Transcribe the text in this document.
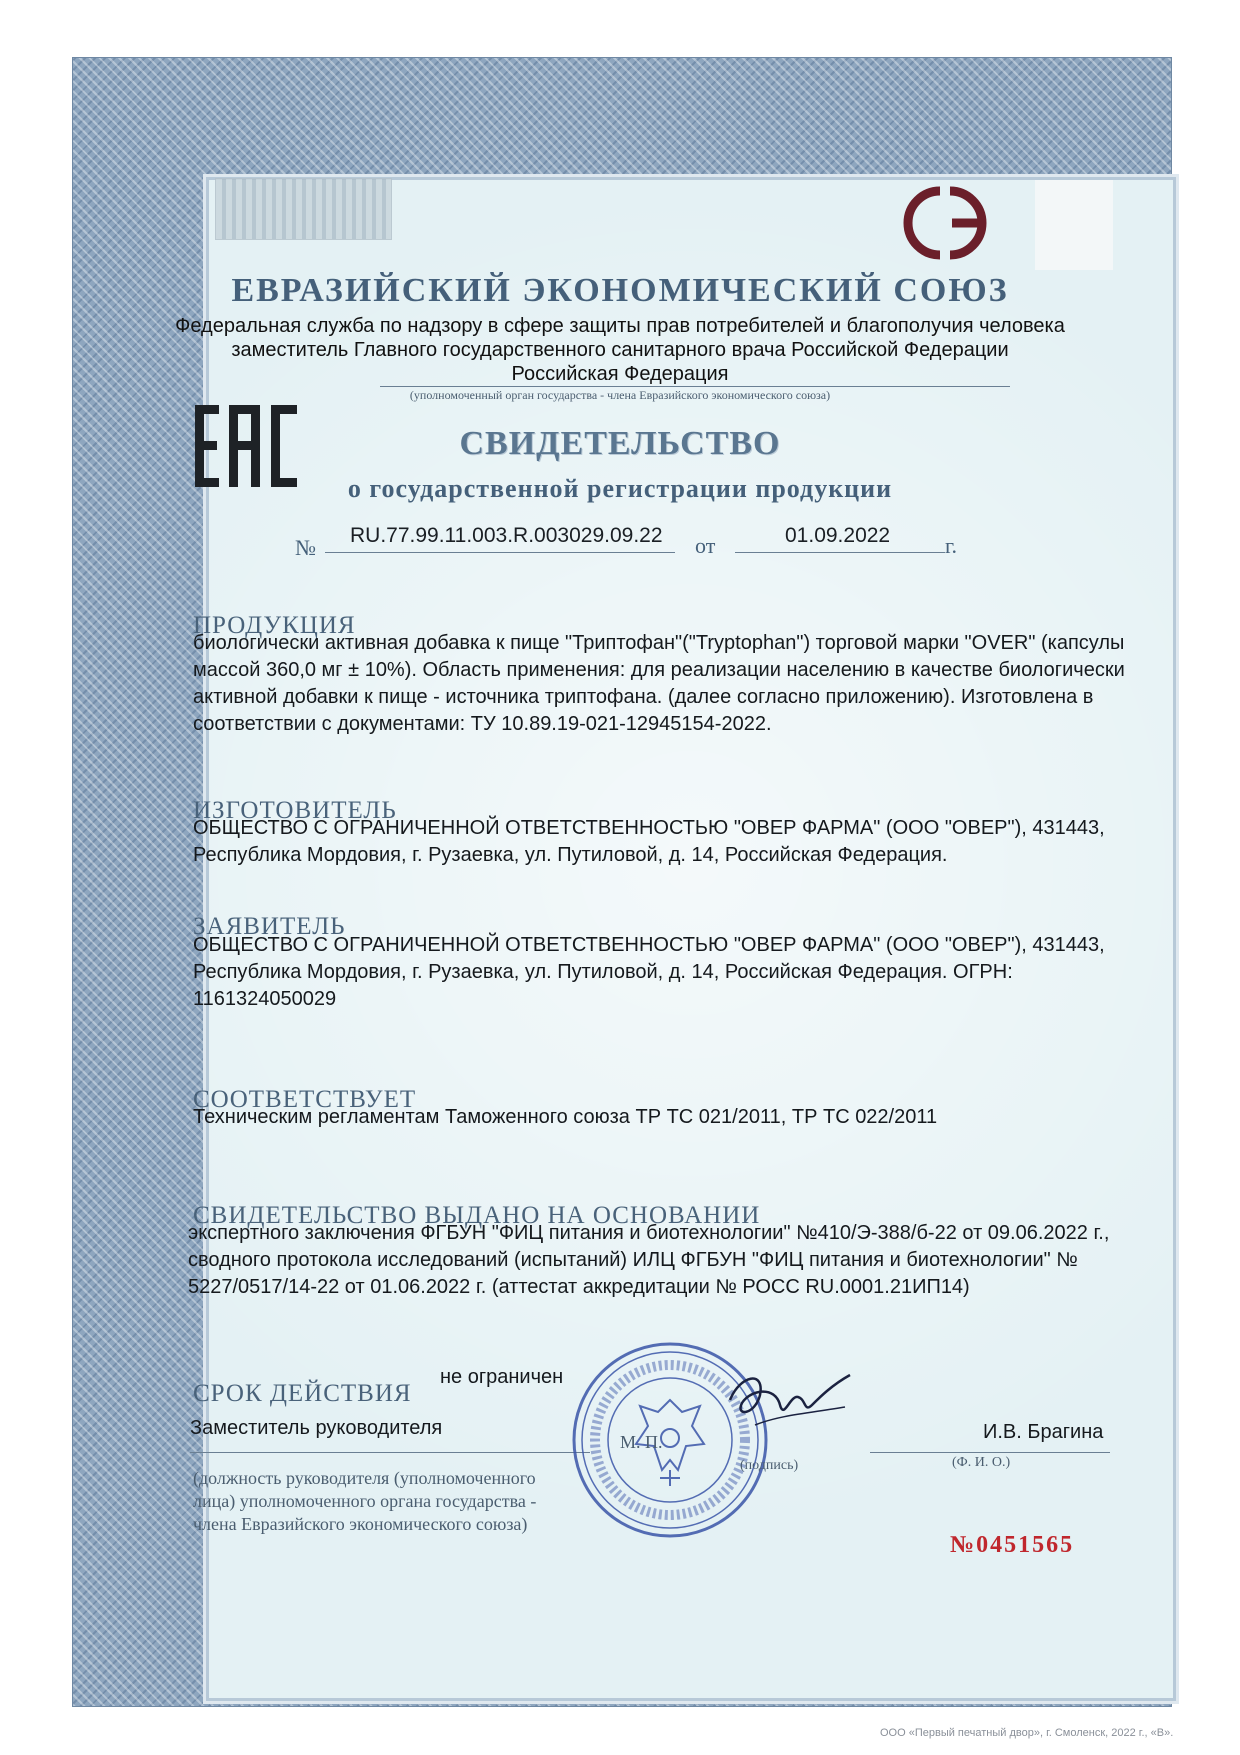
ЕВРАЗИЙСКИЙ ЭКОНОМИЧЕСКИЙ СОЮЗ
Федеральная служба по надзору в сфере защиты прав потребителей и благополучия человека
заместитель Главного государственного санитарного врача Российской Федерации
Российская Федерация
(уполномоченный орган государства - члена Евразийского экономического союза)
СВИДЕТЕЛЬСТВО
о государственной регистрации продукции
№ RU.77.99.11.003.R.003029.09.22 от	01.09.2022 г.
ПРОДУКЦИЯ
биологически активная добавка к пище "Триптофан"("Tryptophan") торговой марки "OVER" (капсулы
массой 360,0 мг ± 10%). Область применения: для реализации населению в качестве биологически
активной добавки к пище - источника триптофана. (далее согласно приложению). Изготовлена в
соответствии с документами: ТУ 10.89.19-021-12945154-2022.
ИЗГОТОВИТЕЛЬ
ОБЩЕСТВО С ОГРАНИЧЕННОЙ ОТВЕТСТВЕННОСТЬЮ "ОВЕР ФАРМА" (ООО "ОВЕР"), 431443,
Республика Мордовия, г. Рузаевка, ул. Путиловой, д. 14, Российская Федерация.
ЗАЯВИТЕЛЬ
ОБЩЕСТВО С ОГРАНИЧЕННОЙ ОТВЕТСТВЕННОСТЬЮ "ОВЕР ФАРМА" (ООО "ОВЕР"), 431443,
Республика Мордовия, г. Рузаевка, ул. Путиловой, д. 14, Российская Федерация. ОГРН:
1161324050029
СООТВЕТСТВУЕТ
Техническим регламентам Таможенного союза ТР ТС 021/2011, ТР ТС 022/2011
СВИДЕТЕЛЬСТВО ВЫДАНО НА ОСНОВАНИИ
экспертного заключения ФГБУН "ФИЦ питания и биотехнологии" №410/Э-388/б-22 от 09.06.2022 г.,
сводного протокола исследований (испытаний) ИЛЦ ФГБУН "ФИЦ питания и биотехнологии" №
5227/0517/14-22 от 01.06.2022 г. (аттестат аккредитации № РОСС RU.0001.21ИП14)
не ограничен
СРОК ДЕЙСТВИЯ
Заместитель руководителя	И.В. Брагина
(Ф. И. О.)
(должность руководителя (уполномоченного
лица) уполномоченного органа государства -
члена Евразийского экономического союза)
М. П.
(подпись)
№0451565
ООО «Первый печатный двор», г. Смоленск, 2022 г., «В».
